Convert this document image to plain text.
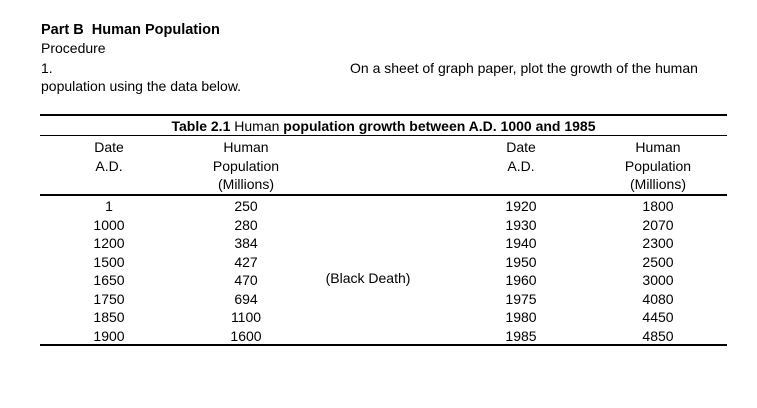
Part B Human Population
Procedure
1.	On a sheet of graph paper, plot the growth of the human
population using the data below.
Table 2.1 Human population growth between A.D. 1000 and 1985
Date
A.D.
Human
Population
(Millions)
Date
A.D.
Human
Population
(Millions)
1
1000
1200
1500
1650
1750
1850
1900
250
280
384
427
470
694
1100
1600
(Black Death)
1920
1930
1940
1950
1960
1975
1980
1985
1800
2070
2300
2500
3000
4080
4450
4850
